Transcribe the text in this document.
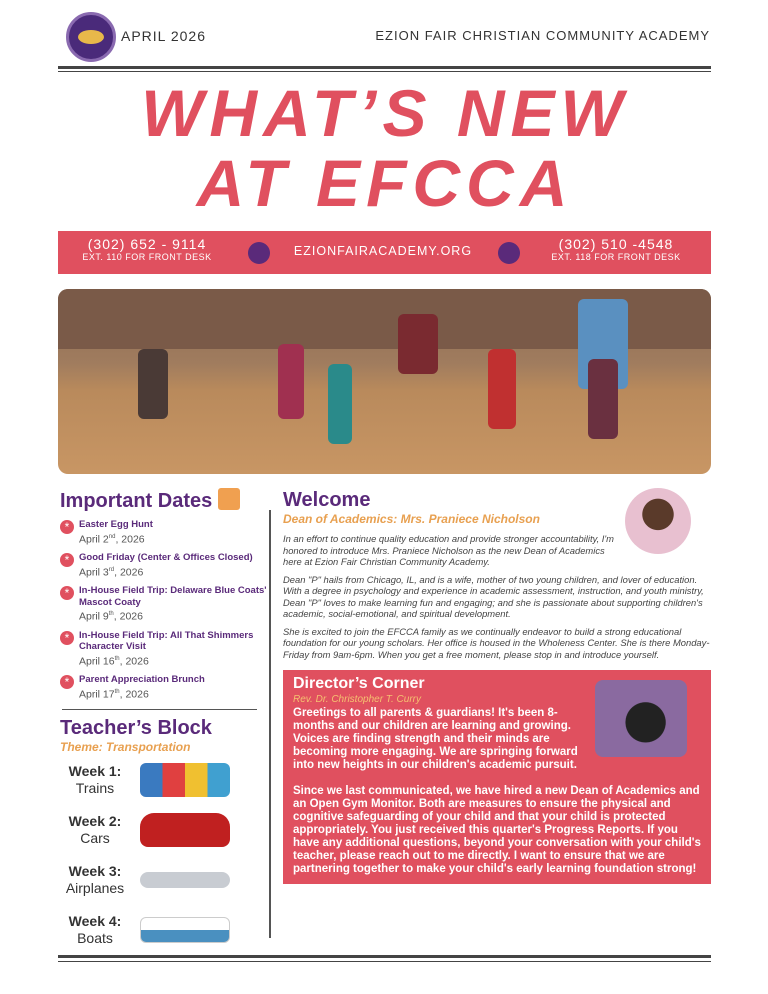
APRIL 2026	EZION FAIR CHRISTIAN COMMUNITY ACADEMY
WHAT’S NEW
AT EFCCA
(302) 652 - 9114
EXT. 110 FOR FRONT DESK	EZIONFAIRACADEMY.ORG	(302) 510 -4548
EXT. 118 FOR FRONT DESK
Important Dates
*	Easter Egg Hunt
April 2nd, 2026
*	Good Friday (Center & Offices Closed)
April 3rd, 2026
*	In-House Field Trip: Delaware Blue Coats' Mascot Coaty
April 9th, 2026
*	In-House Field Trip: All That Shimmers Character Visit
April 16th, 2026
*	Parent Appreciation Brunch
April 17th, 2026
Teacher’s Block
Theme: Transportation
Week 1:
Trains
Week 2:
Cars
Week 3:
Airplanes
Week 4:
Boats
Welcome
Dean of Academics: Mrs. Praniece Nicholson

In an effort to continue quality education and provide stronger accountability, I'm honored to introduce Mrs. Praniece Nicholson as the new Dean of Academics here at Ezion Fair Christian Community Academy.

Dean "P" hails from Chicago, IL, and is a wife, mother of two young children, and lover of education. With a degree in psychology and experience in academic assessment, instruction, and youth ministry, Dean "P" loves to make learning fun and engaging; and she is passionate about supporting children's academic, social-emotional, and spiritual development.

She is excited to join the EFCCA family as we continually endeavor to build a strong educational foundation for our young scholars. Her office is housed in the Wholeness Center. She is there Monday-Friday from 9am-6pm. When you get a free moment, please stop in and introduce yourself.

Director’s Corner
Rev. Dr. Christopher T. Curry

Greetings to all parents & guardians! It's been 8-months and our children are learning and growing. Voices are finding strength and their minds are becoming more engaging. We are springing forward into new heights in our children's academic pursuit.

Since we last communicated, we have hired a new Dean of Academics and an Open Gym Monitor. Both are measures to ensure the physical and cognitive safeguarding of your child and that your child is protected appropriately. You just received this quarter's Progress Reports. If you have any additional questions, beyond your conversation with your child's teacher, please reach out to me directly. I want to ensure that we are partnering together to make your child's early learning foundation strong!
